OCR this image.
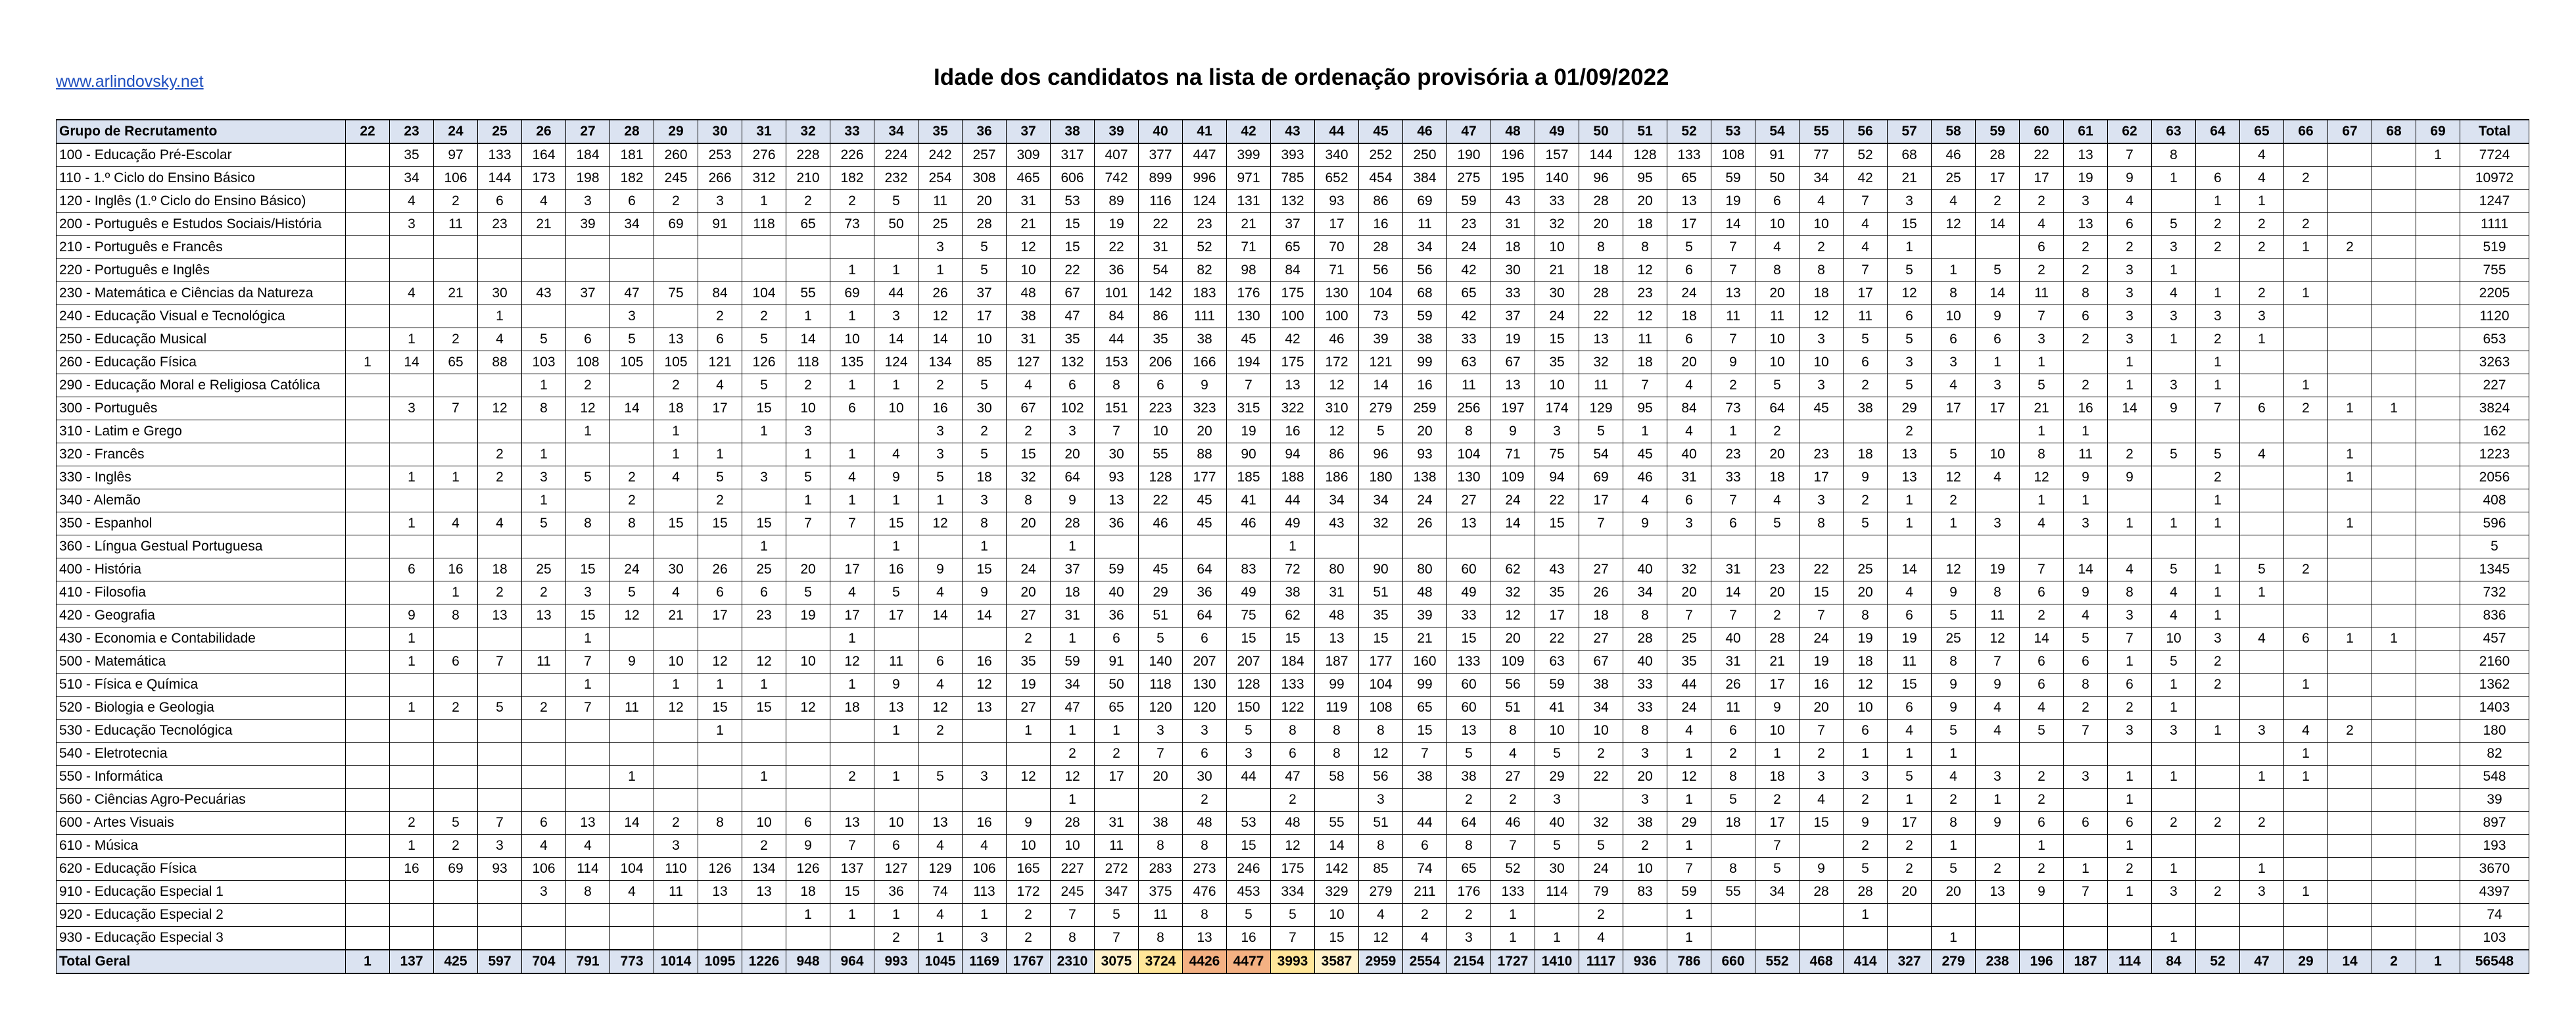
www.arlindovsky.net	Idade dos candidatos na lista de ordenação provisória a 01/09/2022
Grupo de Recrutamento	22	23	24	25	26	27	28	29	30	31	32	33	34	35	36	37	38	39	40	41	42	43	44	45	46	47	48	49	50	51	52	53	54	55	56	57	58	59	60	61	62	63	64	65	66	67	68	69	Total
100 - Educação Pré-Escolar		35	97	133	164	184	181	260	253	276	228	226	224	242	257	309	317	407	377	447	399	393	340	252	250	190	196	157	144	128	133	108	91	77	52	68	46	28	22	13	7	8		4				1	7724
110 - 1.º Ciclo do Ensino Básico		34	106	144	173	198	182	245	266	312	210	182	232	254	308	465	606	742	899	996	971	785	652	454	384	275	195	140	96	95	65	59	50	34	42	21	25	17	17	19	9	1	6	4	2				10972
120 - Inglês (1.º Ciclo do Ensino Básico)		4	2	6	4	3	6	2	3	1	2	2	5	11	20	31	53	89	116	124	131	132	93	86	69	59	43	33	28	20	13	19	6	4	7	3	4	2	2	3	4		1	1					1247
200 - Português e Estudos Sociais/História		3	11	23	21	39	34	69	91	118	65	73	50	25	28	21	15	19	22	23	21	37	17	16	11	23	31	32	20	18	17	14	10	10	4	15	12	14	4	13	6	5	2	2	2				1111
210 - Português e Francês														3	5	12	15	22	31	52	71	65	70	28	34	24	18	10	8	8	5	7	4	2	4	1			6	2	2	3	2	2	1	2			519
220 - Português e Inglês												1	1	1	5	10	22	36	54	82	98	84	71	56	56	42	30	21	18	12	6	7	8	8	7	5	1	5	2	2	3	1							755
230 - Matemática e Ciências da Natureza		4	21	30	43	37	47	75	84	104	55	69	44	26	37	48	67	101	142	183	176	175	130	104	68	65	33	30	28	23	24	13	20	18	17	12	8	14	11	8	3	4	1	2	1				2205
240 - Educação Visual e Tecnológica				1			3		2	2	1	1	3	12	17	38	47	84	86	111	130	100	100	73	59	42	37	24	22	12	18	11	11	12	11	6	10	9	7	6	3	3	3	3					1120
250 - Educação Musical		1	2	4	5	6	5	13	6	5	14	10	14	14	10	31	35	44	35	38	45	42	46	39	38	33	19	15	13	11	6	7	10	3	5	5	6	6	3	2	3	1	2	1					653
260 - Educação Física	1	14	65	88	103	108	105	105	121	126	118	135	124	134	85	127	132	153	206	166	194	175	172	121	99	63	67	35	32	18	20	9	10	10	6	3	3	1	1		1		1						3263
290 - Educação Moral e Religiosa Católica					1	2		2	4	5	2	1	1	2	5	4	6	8	6	9	7	13	12	14	16	11	13	10	11	7	4	2	5	3	2	5	4	3	5	2	1	3	1		1				227
300 - Português		3	7	12	8	12	14	18	17	15	10	6	10	16	30	67	102	151	223	323	315	322	310	279	259	256	197	174	129	95	84	73	64	45	38	29	17	17	21	16	14	9	7	6	2	1	1		3824
310 - Latim e Grego						1		1		1	3			3	2	2	3	7	10	20	19	16	12	5	20	8	9	3	5	1	4	1	2			2			1	1									162
320 - Francês				2	1			1	1		1	1	4	3	5	15	20	30	55	88	90	94	86	96	93	104	71	75	54	45	40	23	20	23	18	13	5	10	8	11	2	5	5	4		1			1223
330 - Inglês		1	1	2	3	5	2	4	5	3	5	4	9	5	18	32	64	93	128	177	185	188	186	180	138	130	109	94	69	46	31	33	18	17	9	13	12	4	12	9	9		2			1			2056
340 - Alemão					1		2		2		1	1	1	1	3	8	9	13	22	45	41	44	34	34	24	27	24	22	17	4	6	7	4	3	2	1	2		1	1			1						408
350 - Espanhol		1	4	4	5	8	8	15	15	15	7	7	15	12	8	20	28	36	46	45	46	49	43	32	26	13	14	15	7	9	3	6	5	8	5	1	1	3	4	3	1	1	1			1			596
360 - Língua Gestual Portuguesa										1			1		1		1					1																											5
400 - História		6	16	18	25	15	24	30	26	25	20	17	16	9	15	24	37	59	45	64	83	72	80	90	80	60	62	43	27	40	32	31	23	22	25	14	12	19	7	14	4	5	1	5	2				1345
410 - Filosofia			1	2	2	3	5	4	6	6	5	4	5	4	9	20	18	40	29	36	49	38	31	51	48	49	32	35	26	34	20	14	20	15	20	4	9	8	6	9	8	4	1	1					732
420 - Geografia		9	8	13	13	15	12	21	17	23	19	17	17	14	14	27	31	36	51	64	75	62	48	35	39	33	12	17	18	8	7	7	2	7	8	6	5	11	2	4	3	4	1						836
430 - Economia e Contabilidade		1				1						1				2	1	6	5	6	15	15	13	15	21	15	20	22	27	28	25	40	28	24	19	19	25	12	14	5	7	10	3	4	6	1	1		457
500 - Matemática		1	6	7	11	7	9	10	12	12	10	12	11	6	16	35	59	91	140	207	207	184	187	177	160	133	109	63	67	40	35	31	21	19	18	11	8	7	6	6	1	5	2						2160
510 - Física e Química						1		1	1	1		1	9	4	12	19	34	50	118	130	128	133	99	104	99	60	56	59	38	33	44	26	17	16	12	15	9	9	6	8	6	1	2		1				1362
520 - Biologia e Geologia		1	2	5	2	7	11	12	15	15	12	18	13	12	13	27	47	65	120	120	150	122	119	108	65	60	51	41	34	33	24	11	9	20	10	6	9	4	4	2	2	1							1403
530 - Educação Tecnológica									1				1	2		1	1	1	3	3	5	8	8	8	15	13	8	10	10	8	4	6	10	7	6	4	5	4	5	7	3	3	1	3	4	2			180
540 - Eletrotecnia																	2	2	7	6	3	6	8	12	7	5	4	5	2	3	1	2	1	2	1	1	1								1				82
550 - Informática							1			1		2	1	5	3	12	12	17	20	30	44	47	58	56	38	38	27	29	22	20	12	8	18	3	3	5	4	3	2	3	1	1		1	1				548
560 - Ciências Agro-Pecuárias																	1			2		2		3		2	2	3		3	1	5	2	4	2	1	2	1	2		1								39
600 - Artes Visuais		2	5	7	6	13	14	2	8	10	6	13	10	13	16	9	28	31	38	48	53	48	55	51	44	64	46	40	32	38	29	18	17	15	9	17	8	9	6	6	6	2	2	2					897
610 - Música		1	2	3	4	4		3		2	9	7	6	4	4	10	10	11	8	8	15	12	14	8	6	8	7	5	5	2	1		7		2	2	1		1		1								193
620 - Educação Física		16	69	93	106	114	104	110	126	134	126	137	127	129	106	165	227	272	283	273	246	175	142	85	74	65	52	30	24	10	7	8	5	9	5	2	5	2	2	1	2	1		1					3670
910 - Educação Especial 1					3	8	4	11	13	13	18	15	36	74	113	172	245	347	375	476	453	334	329	279	211	176	133	114	79	83	59	55	34	28	28	20	20	13	9	7	1	3	2	3	1				4397
920 - Educação Especial 2											1	1	1	4	1	2	7	5	11	8	5	5	10	4	2	2	1		2		1				1														74
930 - Educação Especial 3													2	1	3	2	8	7	8	13	16	7	15	12	4	3	1	1	4		1						1					1							103
Total Geral	1	137	425	597	704	791	773	1014	1095	1226	948	964	993	1045	1169	1767	2310	3075	3724	4426	4477	3993	3587	2959	2554	2154	1727	1410	1117	936	786	660	552	468	414	327	279	238	196	187	114	84	52	47	29	14	2	1	56548
